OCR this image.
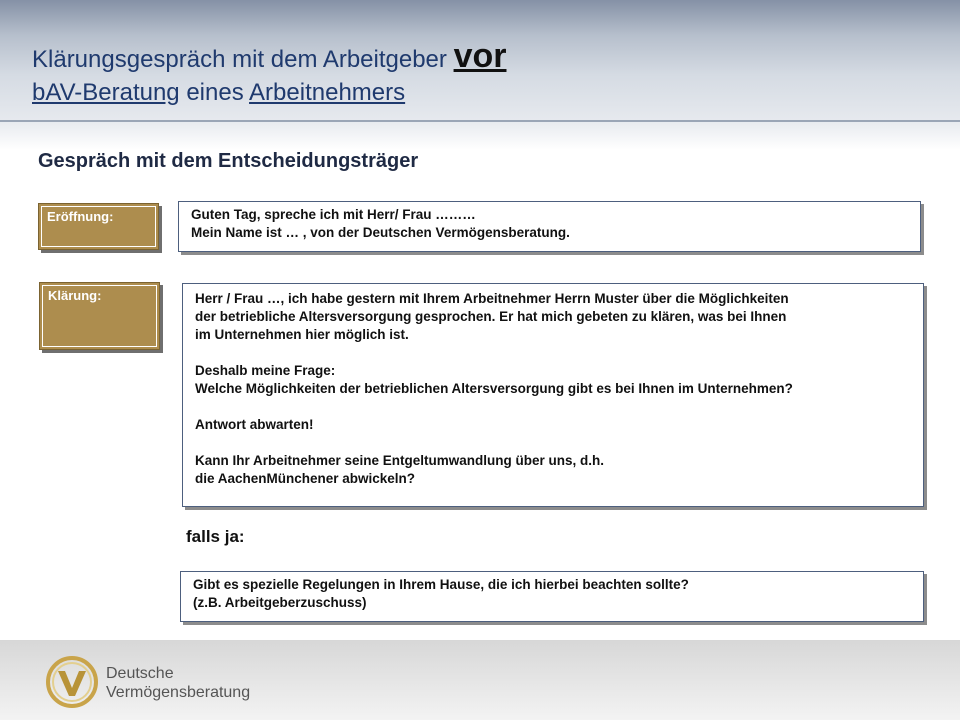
Klärungsgespräch mit dem Arbeitgeber vor
bAV-Beratung eines Arbeitnehmers
Gespräch mit dem Entscheidungsträger
Eröffnung:	Guten Tag, spreche ich mit Herr/ Frau ………

Mein Name ist … , von der Deutschen Vermögensberatung.

Klärung:	Herr / Frau …, ich habe gestern mit Ihrem Arbeitnehmer Herrn Muster über die Möglichkeiten

der betriebliche Altersversorgung gesprochen. Er hat mich gebeten zu klären, was bei Ihnen

im Unternehmen hier möglich ist.

Deshalb meine Frage:

Welche Möglichkeiten der betrieblichen Altersversorgung gibt es bei Ihnen im Unternehmen?

Antwort abwarten!

Kann Ihr Arbeitnehmer seine Entgeltumwandlung über uns, d.h.

die AachenMünchener abwickeln?

falls ja:

Gibt es spezielle Regelungen in Ihrem Hause, die ich hierbei beachten sollte?

(z.B. Arbeitgeberzuschuss)

Deutsche
Vermögensberatung
